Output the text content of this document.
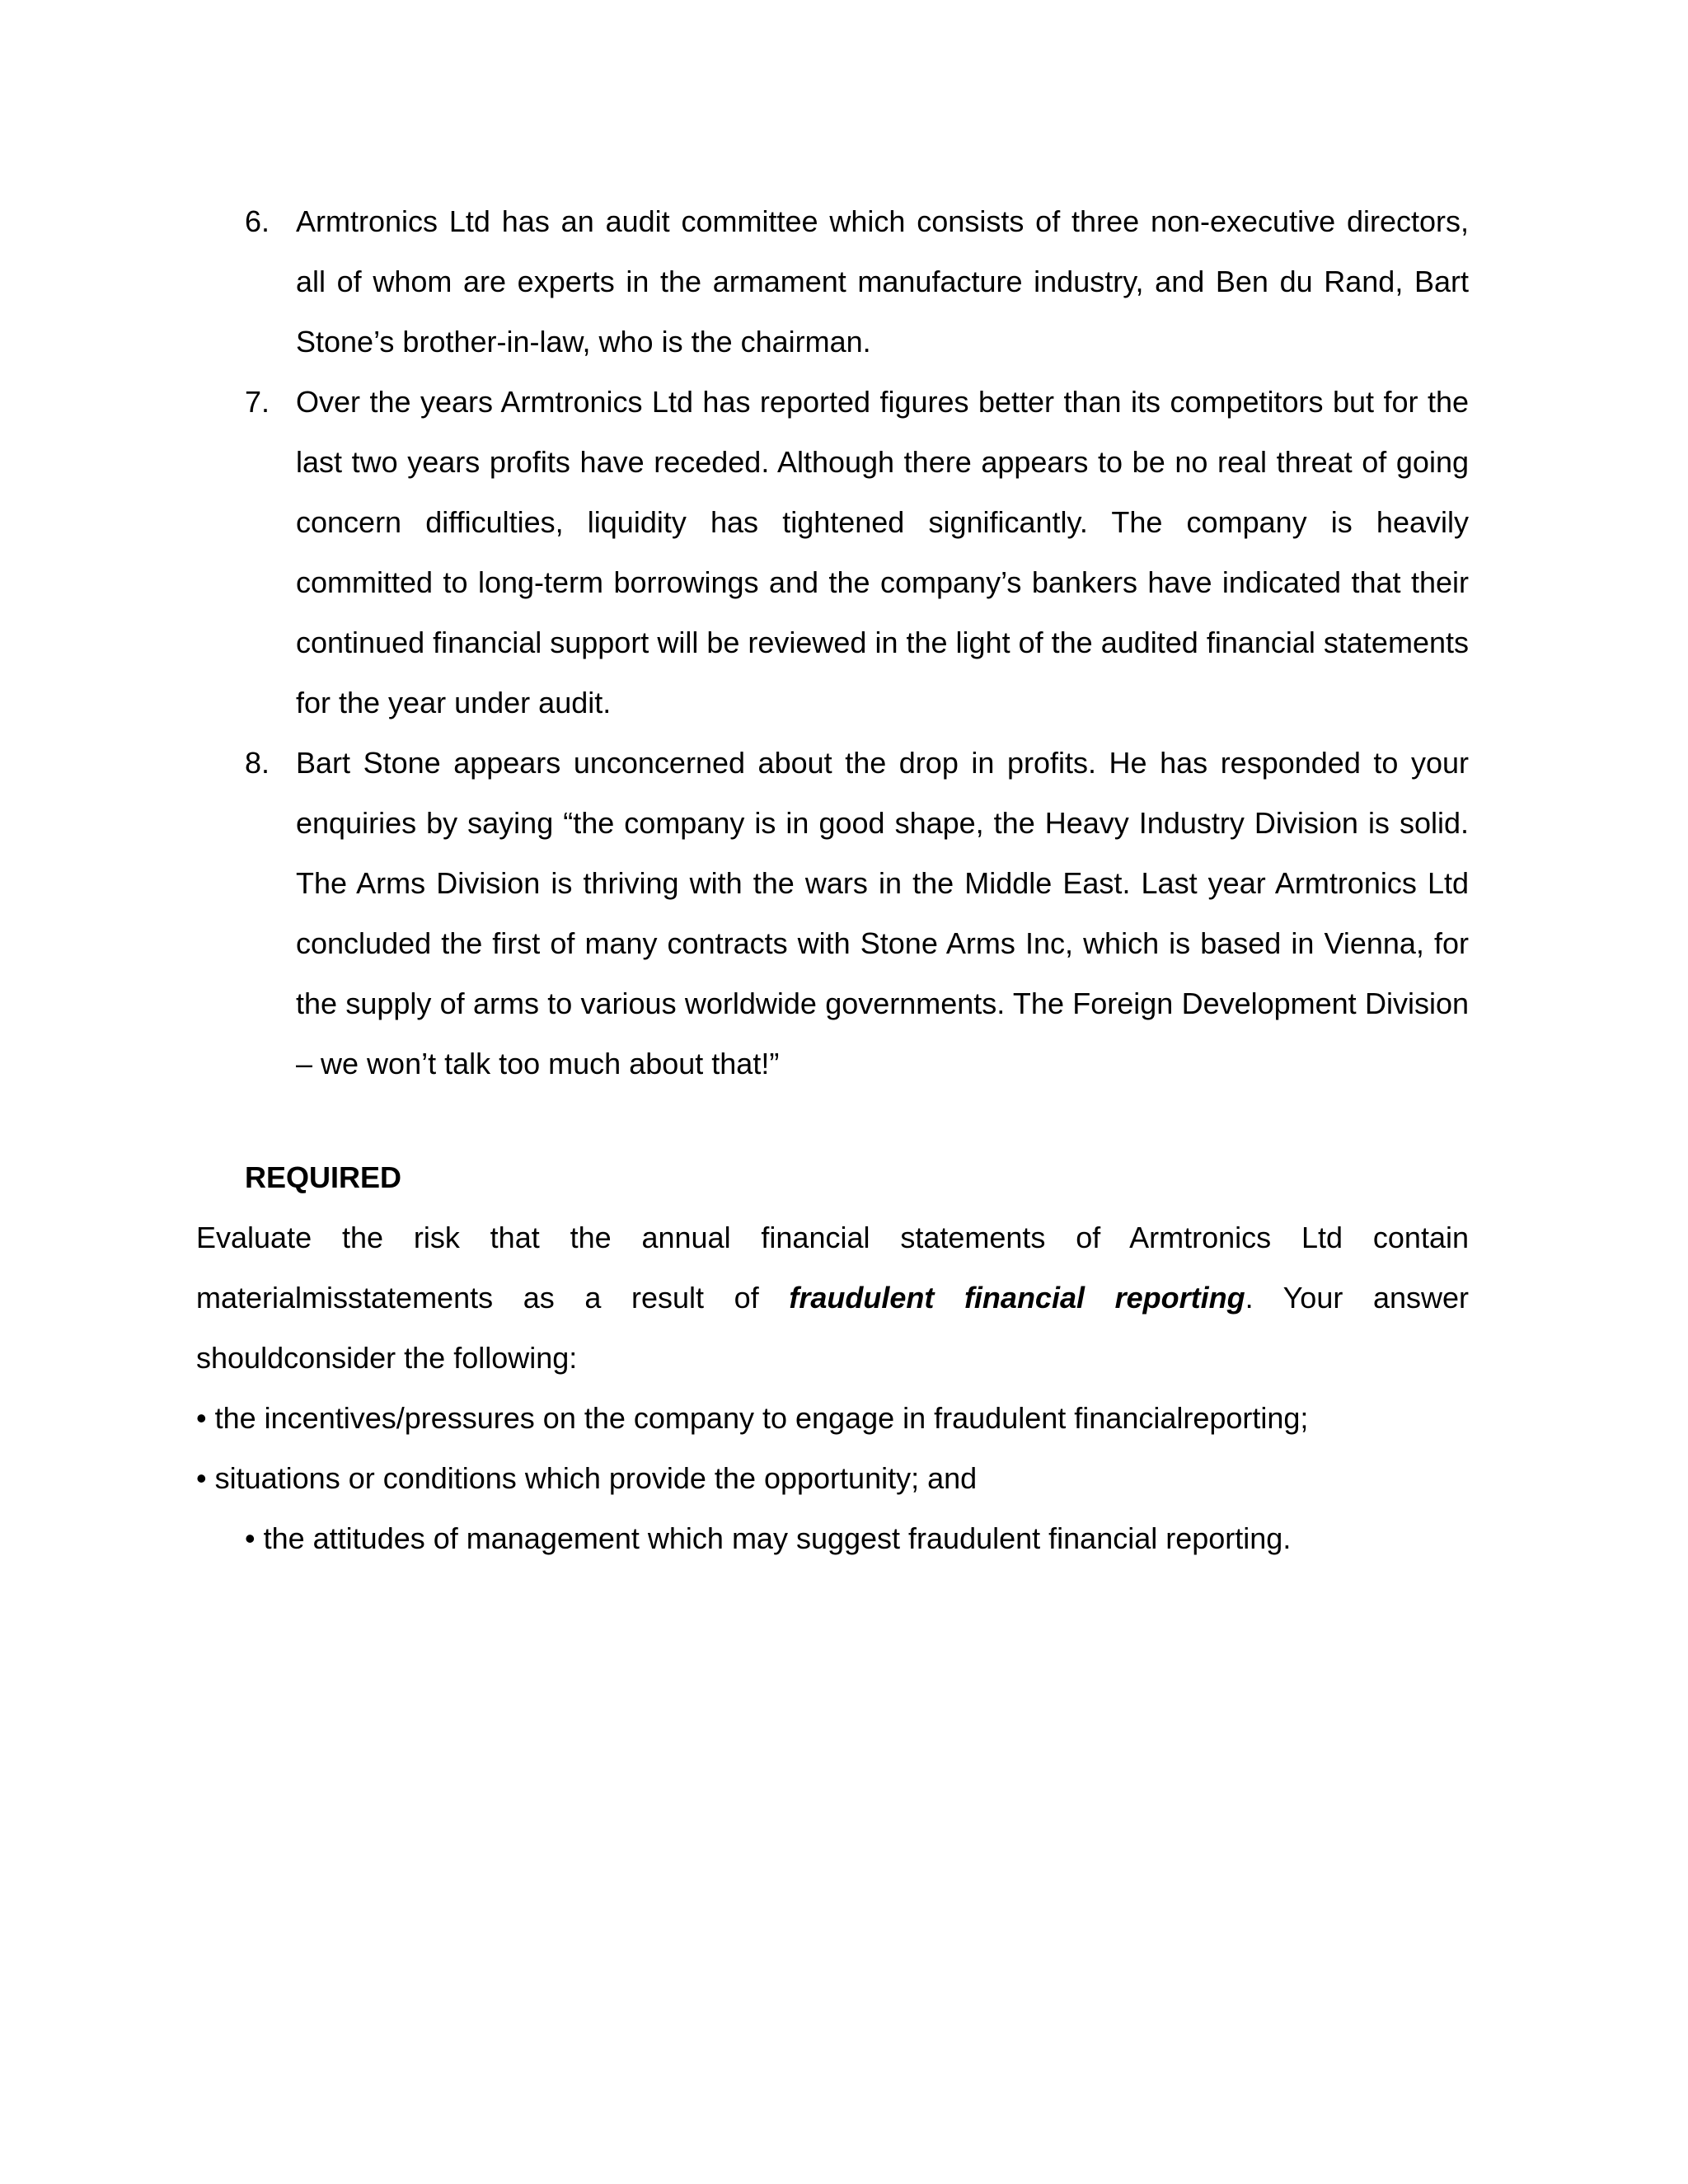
6. Armtronics Ltd has an audit committee which consists of three non-executive directors, all of whom are experts in the armament manufacture industry, and Ben du Rand, Bart Stone’s brother-in-law, who is the chairman.
7. Over the years Armtronics Ltd has reported figures better than its competitors but for the last two years profits have receded. Although there appears to be no real threat of going concern difficulties, liquidity has tightened significantly. The company is heavily committed to long-term borrowings and the company’s bankers have indicated that their continued financial support will be reviewed in the light of the audited financial statements for the year under audit.
8. Bart Stone appears unconcerned about the drop in profits. He has responded to your enquiries by saying “the company is in good shape, the Heavy Industry Division is solid. The Arms Division is thriving with the wars in the Middle East. Last year Armtronics Ltd concluded the first of many contracts with Stone Arms Inc, which is based in Vienna, for the supply of arms to various worldwide governments. The Foreign Development Division – we won’t talk too much about that!”
REQUIRED

Evaluate the risk that the annual financial statements of Armtronics Ltd contain materialmisstatements as a result of fraudulent financial reporting. Your answer shouldconsider the following:

• the incentives/pressures on the company to engage in fraudulent financialreporting;

• situations or conditions which provide the opportunity; and

• the attitudes of management which may suggest fraudulent financial reporting.
